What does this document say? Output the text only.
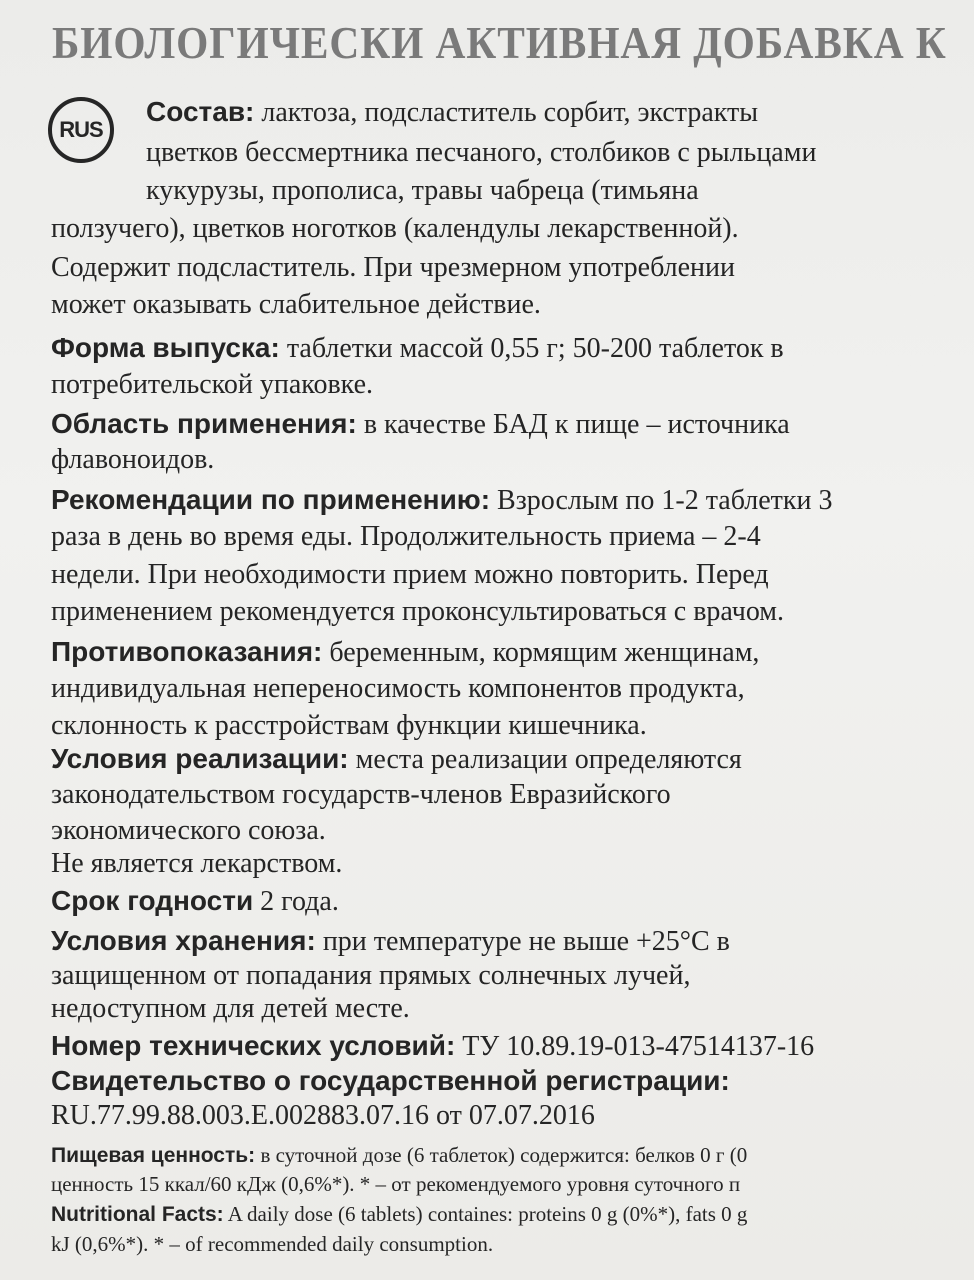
БИОЛОГИЧЕСКИ АКТИВНАЯ ДОБАВКА К
RUS
Состав: лактоза, подсластитель сорбит, экстракты
цветков бессмертника песчаного, столбиков с рыльцами
кукурузы, прополиса, травы чабреца (тимьяна
ползучего), цветков ноготков (календулы лекарственной).
Содержит подсластитель. При чрезмерном употреблении
может оказывать слабительное действие.
Форма выпуска: таблетки массой 0,55 г; 50-200 таблеток в
потребительской упаковке.
Область применения: в качестве БАД к пище – источника
флавоноидов.
Рекомендации по применению: Взрослым по 1-2 таблетки 3
раза в день во время еды. Продолжительность приема – 2-4
недели. При необходимости прием можно повторить. Перед
применением рекомендуется проконсультироваться с врачом.
Противопоказания: беременным, кормящим женщинам,
индивидуальная непереносимость компонентов продукта,
склонность к расстройствам функции кишечника.
Условия реализации: места реализации определяются
законодательством государств-членов Евразийского
экономического союза.
Не является лекарством.
Срок годности 2 года.
Условия хранения: при температуре не выше +25°С в
защищенном от попадания прямых солнечных лучей,
недоступном для детей месте.
Номер технических условий: ТУ 10.89.19-013-47514137-16
Свидетельство о государственной регистрации:
RU.77.99.88.003.Е.002883.07.16 от 07.07.2016
Пищевая ценность: в суточной дозе (6 таблеток) содержится: белков 0 г (0
ценность 15 ккал/60 кДж (0,6%*). * – от рекомендуемого уровня суточного п
Nutritional Facts: A daily dose (6 tablets) containes: proteins 0 g (0%*), fats 0 g
kJ (0,6%*). * – of recommended daily consumption.
